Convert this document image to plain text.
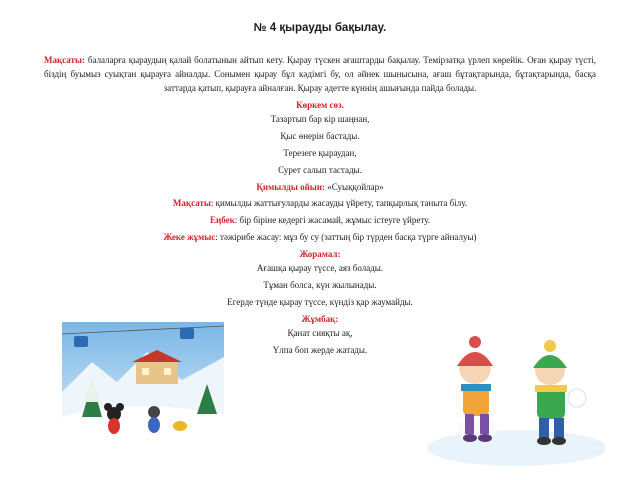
№ 4 қырауды бақылау.

Мақсаты: балаларға қыраудың қалай болатынын айтып кету. Қырау түскен ағаштарды бақылау. Темірзатқа үрлеп көрейік. Оған қырау түсті, біздің буымыз суықтан қырауға айналды. Сонымен қырау бұл кәдімгі бу, ол әйнек шынысына, ағаш бұтақтарында, бұтақтарында, басқа заттарда қатып, қырауға айналған. Қырау әдетте күннің ашығында пайда болады.

Көркем сөз.

Тазартып бар кір шаңнан,

Қыс өнерін бастады.

Терезеге қыраудан,

Сурет салып тастады.

Қимылды ойын: «Суыққойлар»

Мақсаты: қимылды жаттығуларды жасауды үйрету, тапқырлық таныта білу.

Еңбек: бір біріне кедергі жасамай, жұмыс істеуге үйрету.

Жеке жұмыс: тәжірибе жасау: мұз бу су (заттың бір түрден басқа түрге айналуы)

Жорамал:

Ағашқа қырау түссе, аяз болады.

Тұман болса, күн жылынады.

Егерде түнде қырау түссе, күндіз қар жаумайды.

Жұмбақ:

Қанат сияқты ақ,

Үлпа боп жерде жатады.
